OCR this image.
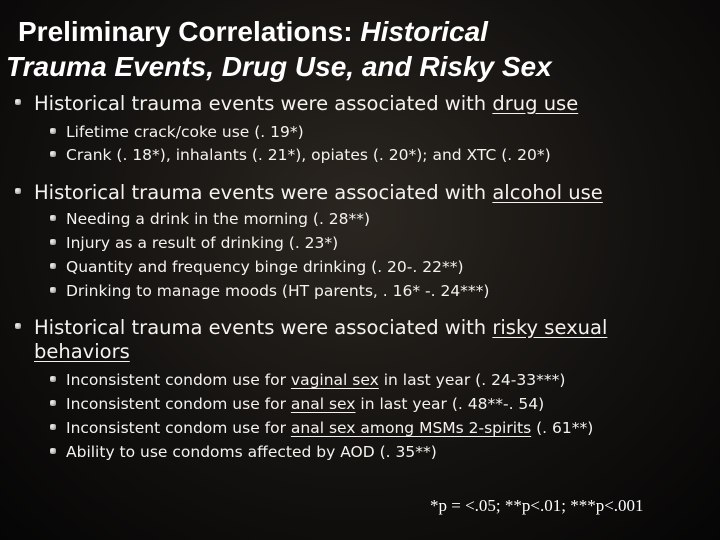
Preliminary Correlations: Historical
Trauma Events, Drug Use, and Risky Sex
Historical trauma events were associated with drug use
Lifetime crack/coke use (. 19*)
Crank (. 18*), inhalants (. 21*), opiates (. 20*); and XTC (. 20*)
Historical trauma events were associated with alcohol use
Needing a drink in the morning (. 28**)
Injury as a result of drinking (. 23*)
Quantity and frequency binge drinking (. 20-. 22**)
Drinking to manage moods (HT parents, . 16* -. 24***)
Historical trauma events were associated with risky sexual behaviors
Inconsistent condom use for vaginal sex in last year (. 24-33***)
Inconsistent condom use for anal sex in last year (. 48**-. 54)
Inconsistent condom use for anal sex among MSMs 2-spirits (. 61**)
Ability to use condoms affected by AOD (. 35**)
*p = <.05; **p<.01; ***p<.001
